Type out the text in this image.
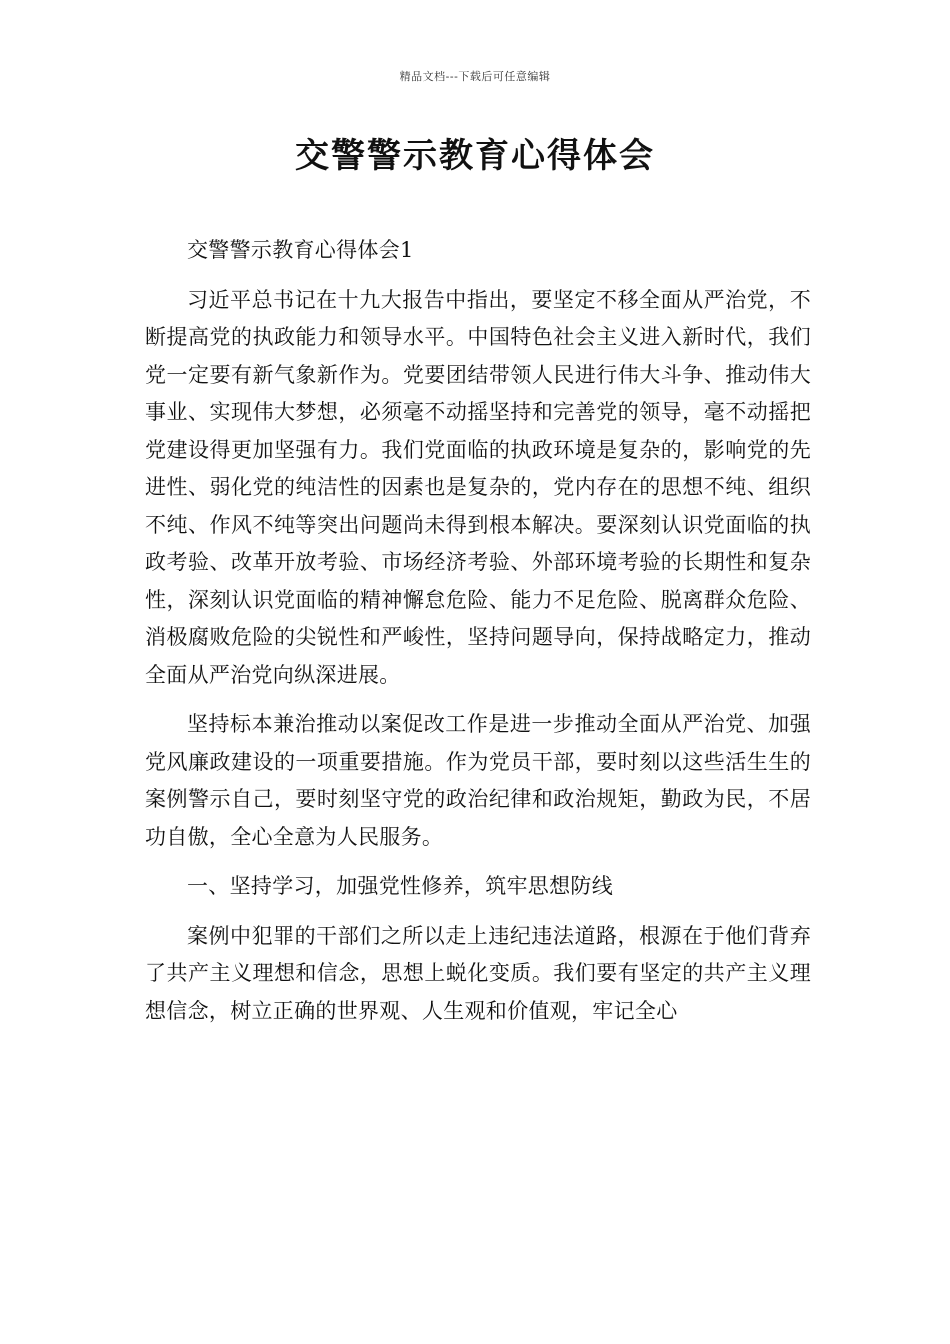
精品文档---下载后可任意编辑
交警警示教育心得体会

交警警示教育心得体会1

习近平总书记在十九大报告中指出，要坚定不移全面从严治党，不断提高党的执政能力和领导水平。中国特色社会主义进入新时代，我们党一定要有新气象新作为。党要团结带领人民进行伟大斗争、推动伟大事业、实现伟大梦想，必须毫不动摇坚持和完善党的领导，毫不动摇把党建设得更加坚强有力。我们党面临的执政环境是复杂的，影响党的先进性、弱化党的纯洁性的因素也是复杂的，党内存在的思想不纯、组织不纯、作风不纯等突出问题尚未得到根本解决。要深刻认识党面临的执政考验、改革开放考验、市场经济考验、外部环境考验的长期性和复杂性，深刻认识党面临的精神懈怠危险、能力不足危险、脱离群众危险、消极腐败危险的尖锐性和严峻性，坚持问题导向，保持战略定力，推动全面从严治党向纵深进展。

坚持标本兼治推动以案促改工作是进一步推动全面从严治党、加强党风廉政建设的一项重要措施。作为党员干部，要时刻以这些活生生的案例警示自己，要时刻坚守党的政治纪律和政治规矩，勤政为民，不居功自傲，全心全意为人民服务。

一、坚持学习，加强党性修养，筑牢思想防线

案例中犯罪的干部们之所以走上违纪违法道路，根源在于他们背弃了共产主义理想和信念，思想上蜕化变质。我们要有坚定的共产主义理想信念，树立正确的世界观、人生观和价值观，牢记全心
